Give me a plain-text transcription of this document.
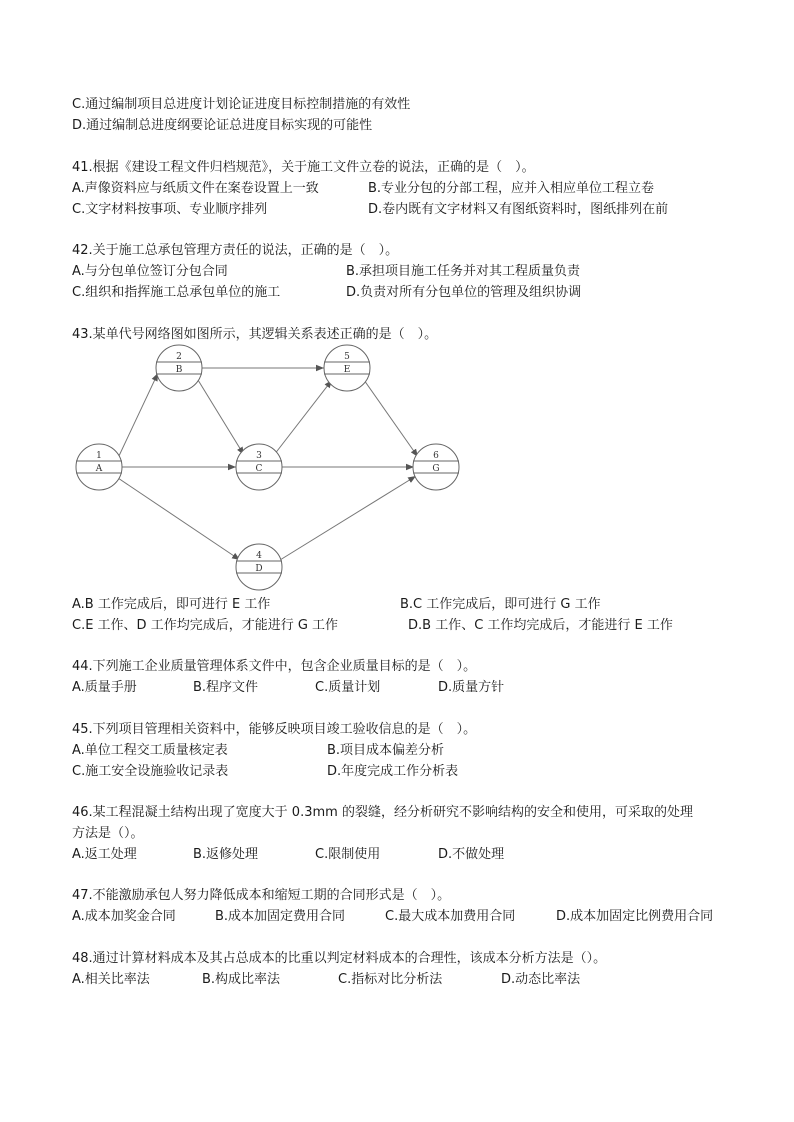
C.通过编制项目总进度计划论证进度目标控制措施的有效性
D.通过编制总进度纲要论证总进度目标实现的可能性
41.根据《建设工程文件归档规范》，关于施工文件立卷的说法，正确的是（　）。
A.声像资料应与纸质文件在案卷设置上一致	B.专业分包的分部工程，应并入相应单位工程立卷
C.文字材料按事项、专业顺序排列	D.卷内既有文字材料又有图纸资料时，图纸排列在前
42.关于施工总承包管理方责任的说法，正确的是（　）。
A.与分包单位签订分包合同	B.承担项目施工任务并对其工程质量负责
C.组织和指挥施工总承包单位的施工	D.负责对所有分包单位的管理及组织协调
43.某单代号网络图如图所示，其逻辑关系表述正确的是（　）。
1
A
2
B
3
C
4
D
5
E
6
G
A.B 工作完成后，即可进行 E 工作	B.C 工作完成后，即可进行 G 工作
C.E 工作、D 工作均完成后，才能进行 G 工作	D.B 工作、C 工作均完成后，才能进行 E 工作
44.下列施工企业质量管理体系文件中，包含企业质量目标的是（　）。
A.质量手册	B.程序文件	C.质量计划	D.质量方针
45.下列项目管理相关资料中，能够反映项目竣工验收信息的是（　）。
A.单位工程交工质量核定表	B.项目成本偏差分析
C.施工安全设施验收记录表	D.年度完成工作分析表
46.某工程混凝土结构出现了宽度大于 0.3mm 的裂缝，经分析研究不影响结构的安全和使用，可采取的处理
方法是（）。
A.返工处理	B.返修处理	C.限制使用	D.不做处理
47.不能激励承包人努力降低成本和缩短工期的合同形式是（　）。
A.成本加奖金合同	B.成本加固定费用合同	C.最大成本加费用合同	D.成本加固定比例费用合同
48.通过计算材料成本及其占总成本的比重以判定材料成本的合理性，该成本分析方法是（）。
A.相关比率法	B.构成比率法	C.指标对比分析法	D.动态比率法
